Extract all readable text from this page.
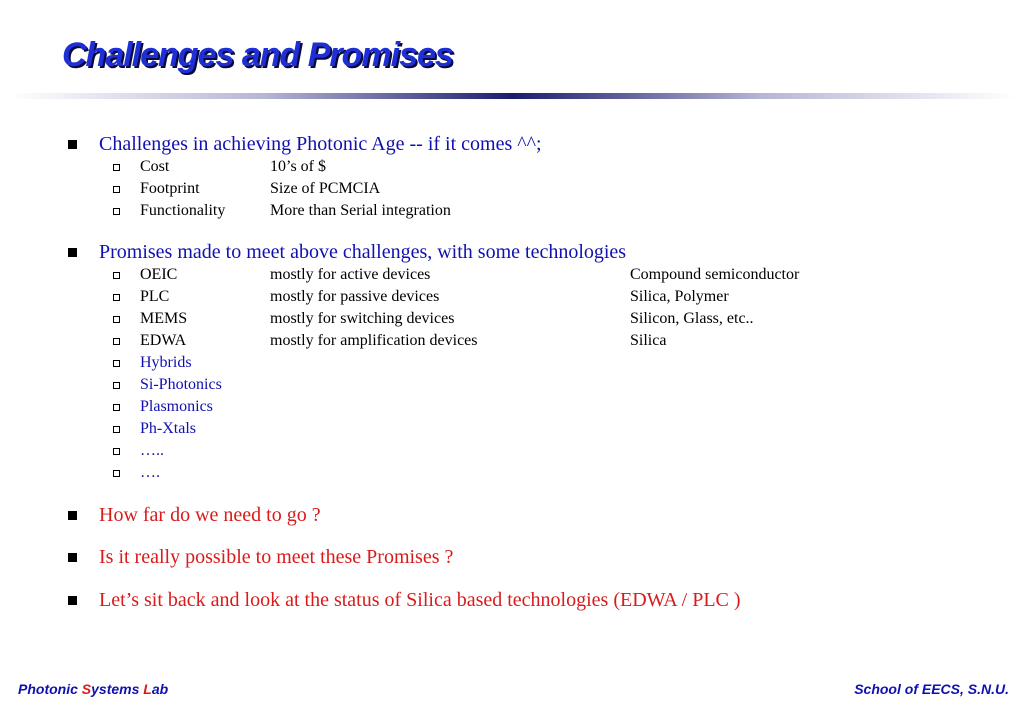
Challenges and Promises
Challenges in achieving Photonic Age -- if it comes ^^;
Cost	10’s of $
Footprint	Size of PCMCIA
Functionality	More than Serial integration
Promises made to meet above challenges, with some technologies
OEIC	mostly for active devices	Compound semiconductor
PLC	mostly for passive devices	Silica, Polymer
MEMS	mostly for switching devices	Silicon, Glass, etc..
EDWA	mostly for amplification devices	Silica
Hybrids
Si-Photonics
Plasmonics
Ph-Xtals
…..
….
How far do we need to go ?
Is it really possible to meet these Promises ?
Let’s sit back and look at the status of Silica based technologies (EDWA / PLC )
Photonic Systems Lab	School of EECS, S.N.U.
